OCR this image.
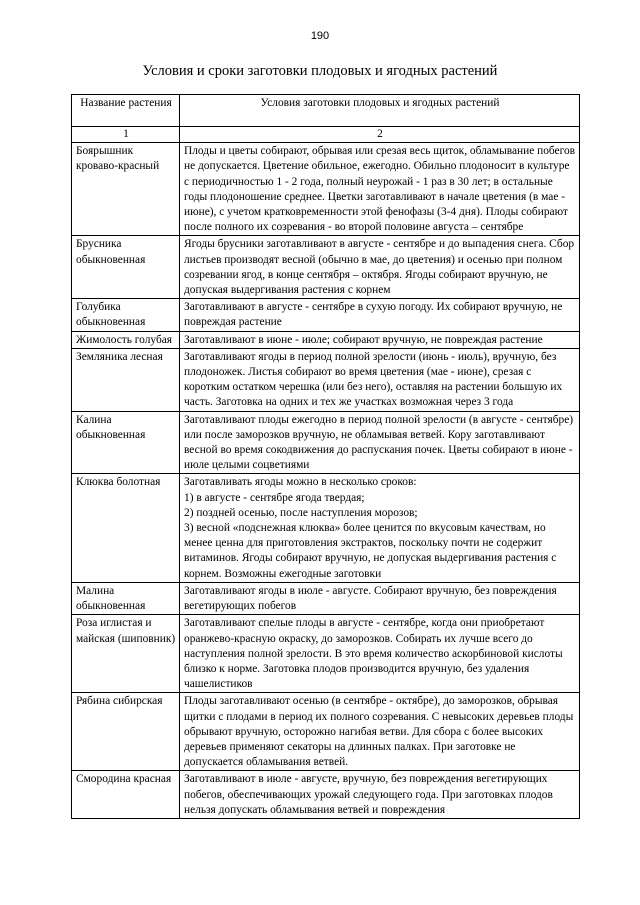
190
Условия и сроки заготовки плодовых и ягодных растений
Название растения	Условия заготовки плодовых и ягодных растений
1	2
Боярышник кроваво-красный	Плоды и цветы собирают, обрывая или срезая весь щиток, обламывание побегов не допускается. Цветение обильное, ежегодно. Обильно плодоносит в культуре с периодичностью 1 - 2 года, полный неурожай - 1 раз в 30 лет; в остальные годы плодоношение среднее. Цветки заготавливают в начале цветения (в мае - июне), с учетом кратковременности этой фенофазы (3-4 дня). Плоды собирают после полного их созревания - во второй половине августа – сентябре
Брусника обыкновенная	Ягоды брусники заготавливают в августе - сентябре и до выпадения снега. Сбор листьев производят весной (обычно в мае, до цветения) и осенью при полном созревании ягод, в конце сентября – октября. Ягоды собирают вручную, не допуская выдергивания растения с корнем
Голубика обыкновенная	Заготавливают в августе - сентябре в сухую погоду. Их собирают вручную, не повреждая растение
Жимолость голубая	Заготавливают в июне - июле; собирают вручную, не повреждая растение
Земляника лесная	Заготавливают ягоды в период полной зрелости (июнь - июль), вручную, без плодоножек. Листья собирают во время цветения (мае - июне), срезая с коротким остатком черешка (или без него), оставляя на растении большую их часть. Заготовка на одних и тех же участках возможная через 3 года
Калина обыкновенная	Заготавливают плоды ежегодно в период полной зрелости (в августе - сентябре) или после заморозков вручную, не обламывая ветвей. Кору заготавливают весной во время сокодвижения до распускания почек. Цветы собирают в июне - июле целыми соцветиями
Клюква болотная	Заготавливать ягоды можно в несколько сроков:
1) в августе - сентябре ягода твердая;
2) поздней осенью, после наступления морозов;
3) весной «подснежная клюква» более ценится по вкусовым качествам, но менее ценна для приготовления экстрактов, поскольку почти не содержит витаминов. Ягоды собирают вручную, не допуская выдергивания растения с корнем. Возможны ежегодные заготовки
Малина обыкновенная	Заготавливают ягоды в июле - августе. Собирают вручную, без повреждения вегетирующих побегов
Роза иглистая и майская (шиповник)	Заготавливают спелые плоды в августе - сентябре, когда они приобретают оранжево-красную окраску, до заморозков. Собирать их лучше всего до наступления полной зрелости. В это время количество аскорбиновой кислоты близко к норме. Заготовка плодов производится вручную, без удаления чашелистиков
Рябина сибирская	Плоды заготавливают осенью (в сентябре - октябре), до заморозков, обрывая щитки с плодами в период их полного созревания. С невысоких деревьев плоды обрывают вручную, осторожно нагибая ветви. Для сбора с более высоких деревьев применяют секаторы на длинных палках. При заготовке не допускается обламывания ветвей.
Смородина красная	Заготавливают в июле - августе, вручную, без повреждения вегетирующих побегов, обеспечивающих урожай следующего года. При заготовках плодов нельзя допускать обламывания ветвей и повреждения
